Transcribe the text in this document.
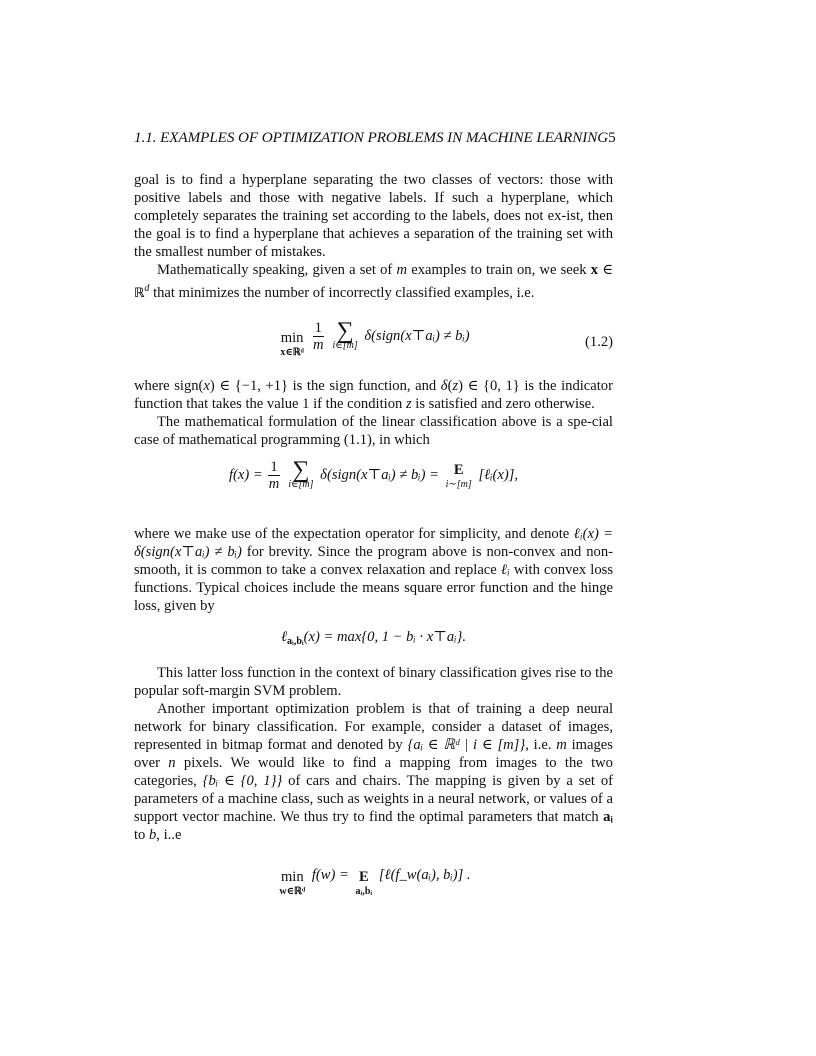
1.1. EXAMPLES OF OPTIMIZATION PROBLEMS IN MACHINE LEARNING5

goal is to find a hyperplane separating the two classes of vectors: those with positive labels and those with negative labels. If such a hyperplane, which completely separates the training set according to the labels, does not ex-ist, then the goal is to find a hyperplane that achieves a separation of the training set with the smallest number of mistakes.

Mathematically speaking, given a set of m examples to train on, we seek x ∈ ℝ$^d$ that minimizes the number of incorrectly classified examples, i.e.

min
x∈ℝᵈ
$\frac{1}{m}$
∑
i∈[m]
δ(sign(x⊤aᵢ) ≠ bᵢ)	(1.2)

where sign(x) ∈ {−1, +1} is the sign function, and δ(z) ∈ {0, 1} is the indicator function that takes the value 1 if the condition z is satisfied and zero otherwise.

The mathematical formulation of the linear classification above is a spe-cial case of mathematical programming (1.1), in which

$f(x) = \frac{1}{m}$
∑
i∈[m]
δ(sign(x⊤aᵢ) ≠ bᵢ) =	E
i∼[m]
[ℓᵢ(x)],

where we make use of the expectation operator for simplicity, and denote ℓᵢ(x) = δ(sign(x⊤aᵢ) ≠ bᵢ) for brevity. Since the program above is non-convex and non-smooth, it is common to take a convex relaxation and replace ℓᵢ with convex loss functions. Typical choices include the means square error function and the hinge loss, given by

ℓ$_{aᵢ,bᵢ}$(x) = max{0, 1 − bᵢ · x⊤aᵢ}.

This latter loss function in the context of binary classification gives rise to the popular soft-margin SVM problem.

Another important optimization problem is that of training a deep neural network for binary classification. For example, consider a dataset of images, represented in bitmap format and denoted by {aᵢ ∈ ℝᵈ | i ∈ [m]}, i.e. m images over n pixels. We would like to find a mapping from images to the two categories, {bᵢ ∈ {0, 1}} of cars and chairs. The mapping is given by a set of parameters of a machine class, such as weights in a neural network, or values of a support vector machine. We thus try to find the optimal parameters that match aᵢ to b, i..e

min
w∈ℝᵈ
f(w) = E
aᵢ,bᵢ
[ℓ(f_w(aᵢ), bᵢ)] .
